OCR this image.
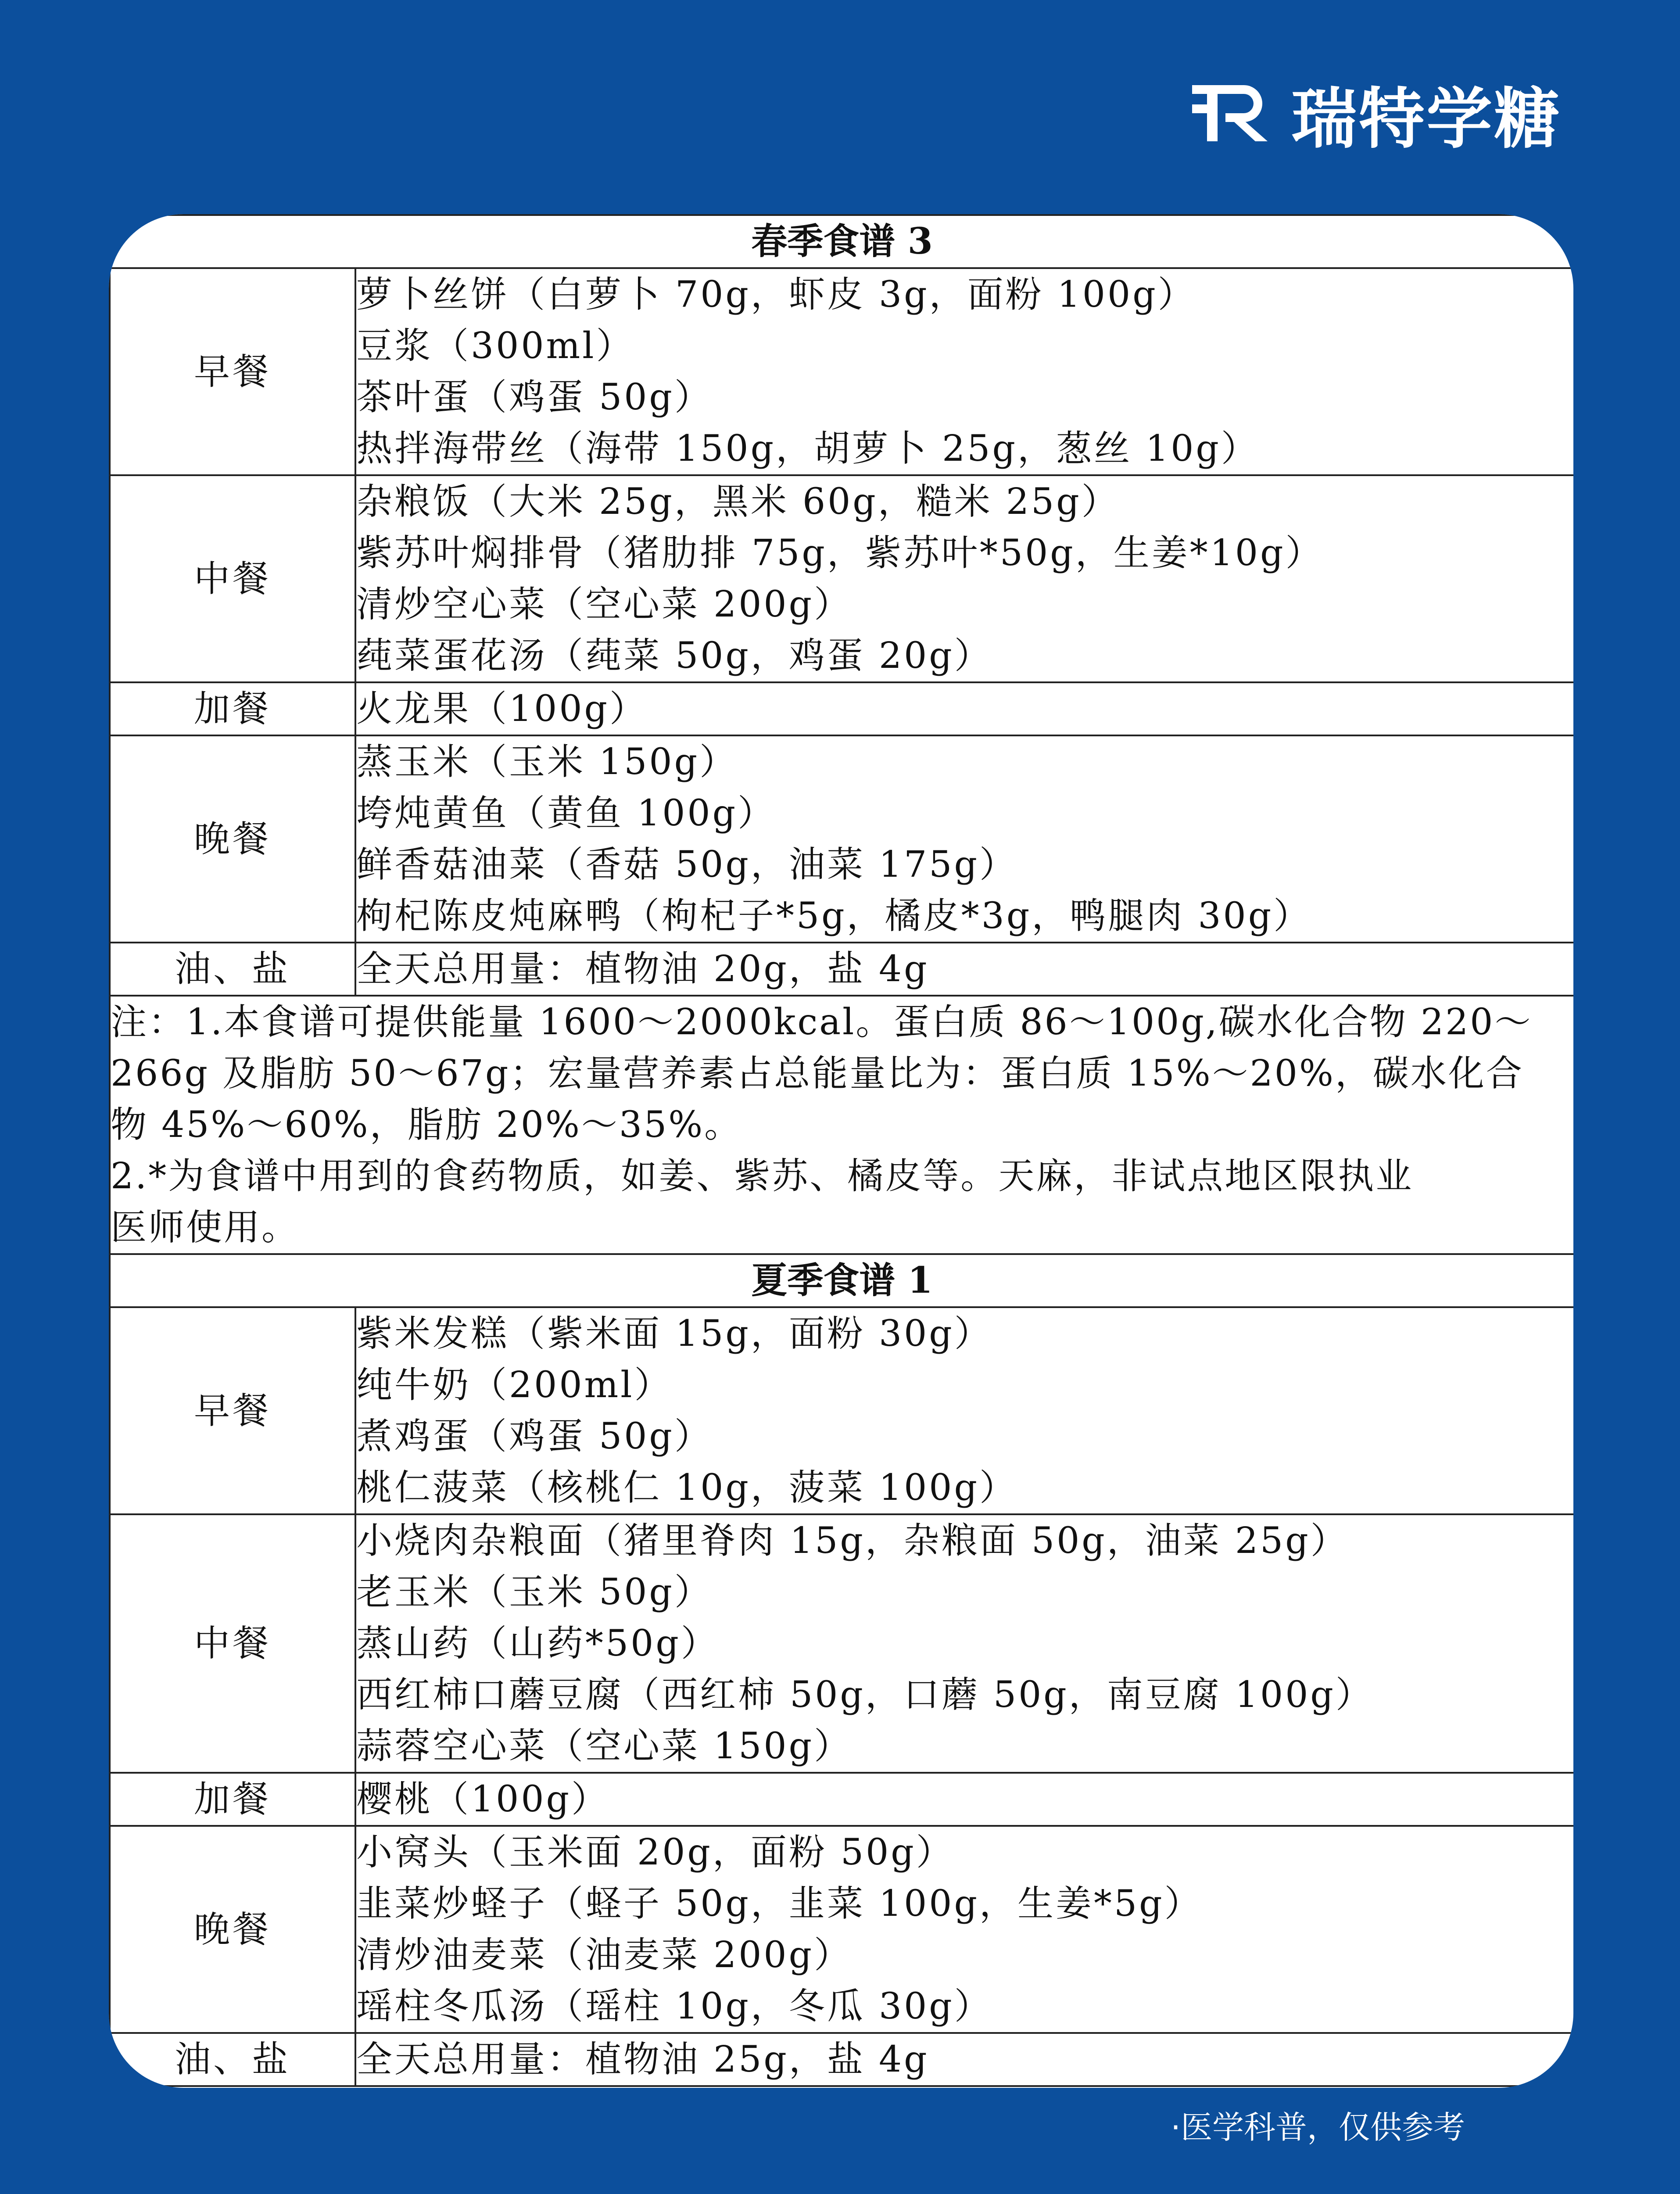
瑞特学糖
春季食谱 3	
早餐	萝卜丝饼（白萝卜 70g，虾皮 3g，面粉 100g）
豆浆（300ml）
茶叶蛋（鸡蛋 50g）
热拌海带丝（海带 150g，胡萝卜 25g，葱丝 10g）

中餐	杂粮饭（大米 25g，黑米 60g，糙米 25g）
紫苏叶焖排骨（猪肋排 75g，紫苏叶*50g，生姜*10g）
清炒空心菜（空心菜 200g）
莼菜蛋花汤（莼菜 50g，鸡蛋 20g）

加餐	火龙果（100g）

晚餐	蒸玉米（玉米 150g）
垮炖黄鱼（黄鱼 100g）
鲜香菇油菜（香菇 50g，油菜 175g）
枸杞陈皮炖麻鸭（枸杞子*5g，橘皮*3g，鸭腿肉 30g）

油、盐	全天总用量：植物油 20g，盐 4g

注：1.本食谱可提供能量 1600～2000kcal。蛋白质 86～100g,碳水化合物 220～
266g 及脂肪 50～67g；宏量营养素占总能量比为：蛋白质 15%～20%，碳水化合
物 45%～60%，脂肪 20%～35%。
2.*为食谱中用到的食药物质，如姜、紫苏、橘皮等。天麻，非试点地区限执业
医师使用。	

夏季食谱 1	
早餐	紫米发糕（紫米面 15g，面粉 30g）
纯牛奶（200ml）
煮鸡蛋（鸡蛋 50g）
桃仁菠菜（核桃仁 10g，菠菜 100g）

中餐	小烧肉杂粮面（猪里脊肉 15g，杂粮面 50g，油菜 25g）
老玉米（玉米 50g）
蒸山药（山药*50g）
西红柿口蘑豆腐（西红柿 50g，口蘑 50g，南豆腐 100g）
蒜蓉空心菜（空心菜 150g）

加餐	樱桃（100g）

晚餐	小窝头（玉米面 20g，面粉 50g）
韭菜炒蛏子（蛏子 50g，韭菜 100g，生姜*5g）
清炒油麦菜（油麦菜 200g）
瑶柱冬瓜汤（瑶柱 10g，冬瓜 30g）

油、盐	全天总用量：植物油 25g，盐 4g
·医学科普，仅供参考
